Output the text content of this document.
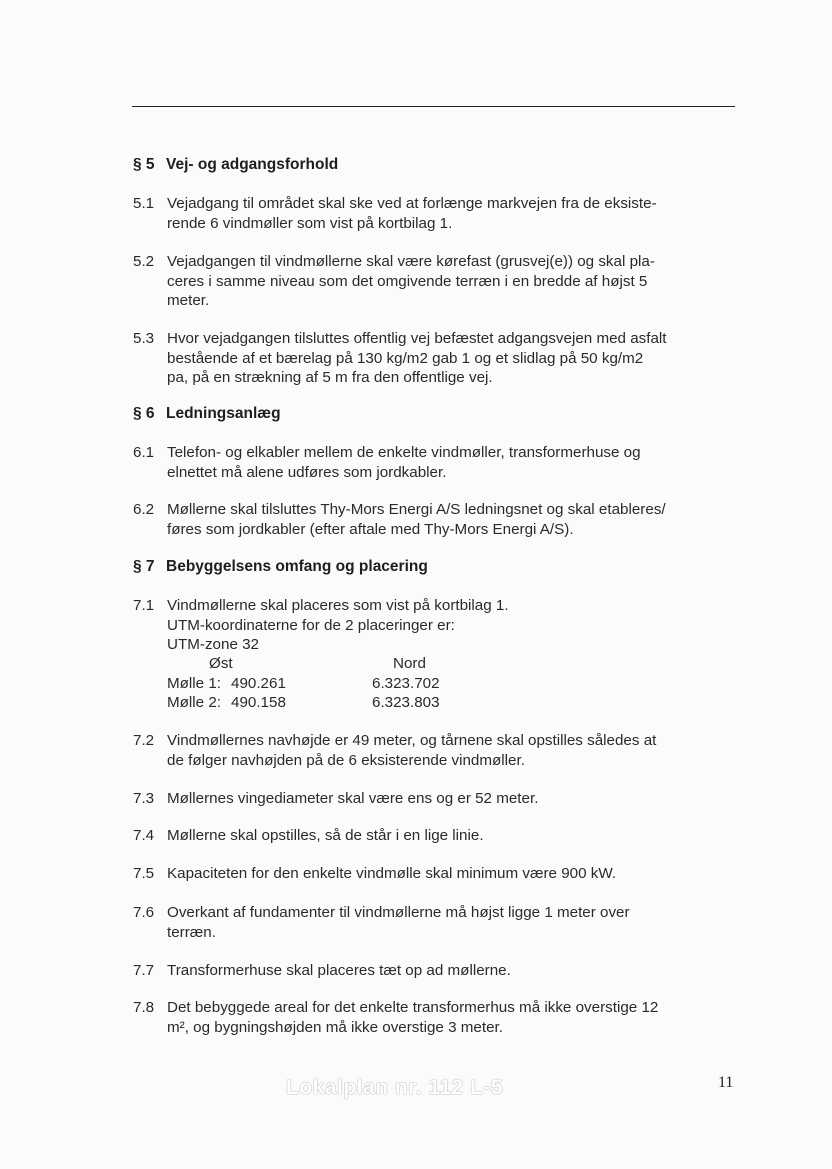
§ 5 Vej- og adgangsforhold
5.1 Vejadgang til området skal ske ved at forlænge markvejen fra de eksiste-
rende 6 vindmøller som vist på kortbilag 1.
5.2 Vejadgangen til vindmøllerne skal være kørefast (grusvej(e)) og skal pla-
ceres i samme niveau som det omgivende terræn i en bredde af højst 5
meter.
5.3 Hvor vejadgangen tilsluttes offentlig vej befæstet adgangsvejen med asfalt
bestående af et bærelag på 130 kg/m2 gab 1 og et slidlag på 50 kg/m2
pa, på en strækning af 5 m fra den offentlige vej.
§ 6 Ledningsanlæg
6.1 Telefon- og elkabler mellem de enkelte vindmøller, transformerhuse og
elnettet må alene udføres som jordkabler.
6.2 Møllerne skal tilsluttes Thy-Mors Energi A/S ledningsnet og skal etableres/
føres som jordkabler (efter aftale med Thy-Mors Energi A/S).
§ 7 Bebyggelsens omfang og placering
7.1 Vindmøllerne skal placeres som vist på kortbilag 1.
UTM-koordinaterne for de 2 placeringer er:
UTM-zone 32
Øst	Nord
Mølle 1: 490.261	6.323.702
Mølle 2: 490.158	6.323.803
7.2 Vindmøllernes navhøjde er 49 meter, og tårnene skal opstilles således at
de følger navhøjden på de 6 eksisterende vindmøller.
7.3 Møllernes vingediameter skal være ens og er 52 meter.
7.4 Møllerne skal opstilles, så de står i en lige linie.
7.5 Kapaciteten for den enkelte vindmølle skal minimum være 900 kW.
7.6 Overkant af fundamenter til vindmøllerne må højst ligge 1 meter over
terræn.
7.7 Transformerhuse skal placeres tæt op ad møllerne.
7.8 Det bebyggede areal for det enkelte transformerhus må ikke overstige 12
m², og bygningshøjden må ikke overstige 3 meter.
Lokalplan nr. 112 L-5	11
